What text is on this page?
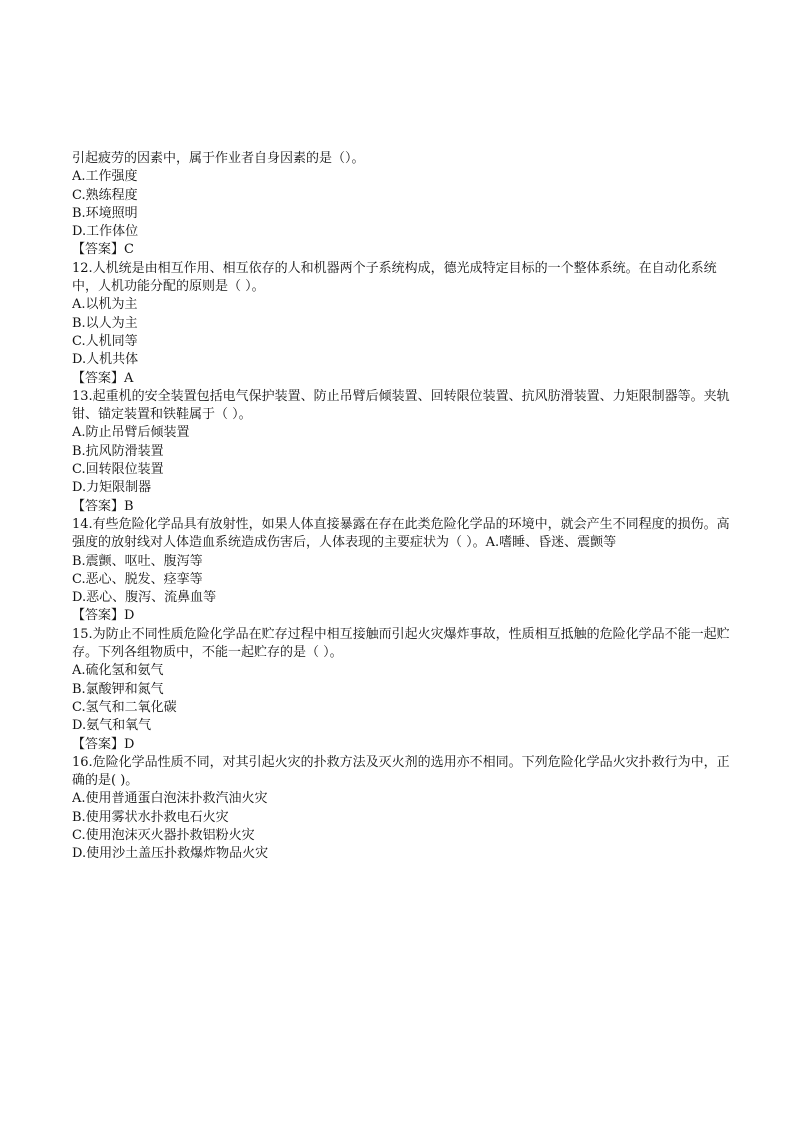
引起疲劳的因素中，属于作业者自身因素的是（）。
A.工作强度
C.熟练程度
B.环境照明
D.工作体位
【答案】C
12.人机统是由相互作用、相互依存的人和机器两个子系统构成，德光成特定目标的一个整体系统。在自动化系统中，人机功能分配的原则是（ ）。
A.以机为主
B.以人为主
C.人机同等
D.人机共体
【答案】A
13.起重机的安全装置包括电气保护装置、防止吊臂后倾装置、回转限位装置、抗风肪滑装置、力矩限制器等。夹轨钳、锚定装置和铁鞋属于（ ）。
A.防止吊臂后倾装置
B.抗风防滑装置
C.回转限位装置
D.力矩限制器
【答案】B
14.有些危险化学品具有放射性，如果人体直接暴露在存在此类危险化学品的环境中，就会产生不同程度的损伤。高强度的放射线对人体造血系统造成伤害后，人体表现的主要症状为（ ）。A.嗜睡、昏迷、震颤等
B.震颤、呕吐、腹泻等
C.恶心、脱发、痉挛等
D.恶心、腹泻、流鼻血等
【答案】D
15.为防止不同性质危险化学品在贮存过程中相互接触而引起火灾爆炸事故，性质相互抵触的危险化学品不能一起贮存。下列各组物质中，不能一起贮存的是（ ）。
A.硫化氢和氨气
B.氯酸钾和氮气
C.氢气和二氧化碳
D.氨气和氧气
【答案】D
16.危险化学品性质不同，对其引起火灾的扑救方法及灭火剂的选用亦不相同。下列危险化学品火灾扑救行为中，正确的是( )。
A.使用普通蛋白泡沫扑救汽油火灾
B.使用雾状水扑救电石火灾
C.使用泡沫灭火器扑救铝粉火灾
D.使用沙土盖压扑救爆炸物品火灾
